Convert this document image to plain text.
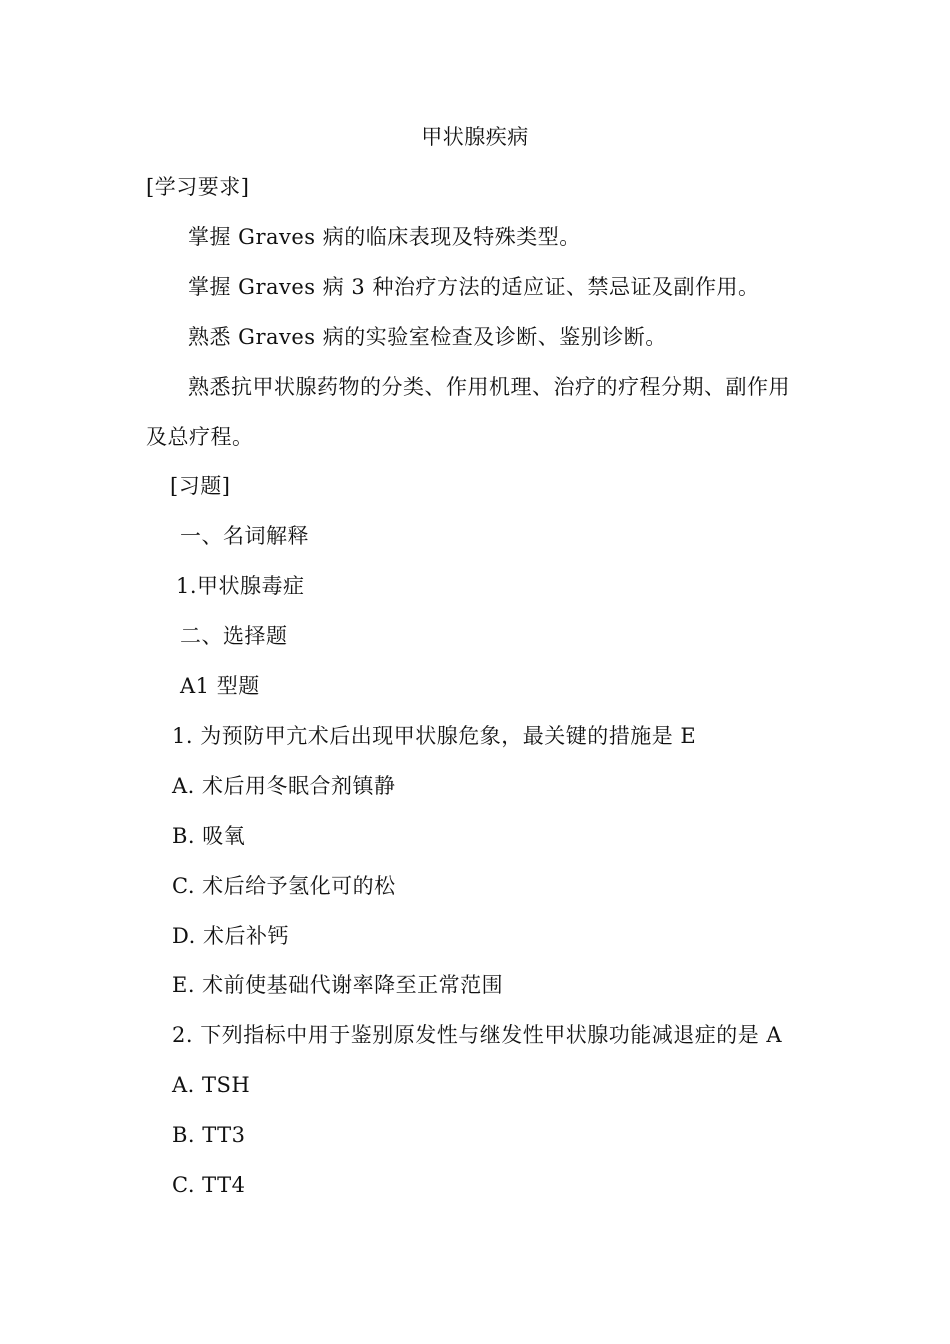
甲状腺疾病
[学习要求]
掌握 Graves 病的临床表现及特殊类型。
掌握 Graves 病 3 种治疗方法的适应证、禁忌证及副作用。
熟悉 Graves 病的实验室检查及诊断、鉴别诊断。
熟悉抗甲状腺药物的分类、作用机理、治疗的疗程分期、副作用
及总疗程。
[习题]
一、名词解释
1.甲状腺毒症
二、选择题
A1 型题
1. 为预防甲亢术后出现甲状腺危象，最关键的措施是 E
A. 术后用冬眠合剂镇静
B. 吸氧
C. 术后给予氢化可的松
D. 术后补钙
E. 术前使基础代谢率降至正常范围
2. 下列指标中用于鉴别原发性与继发性甲状腺功能减退症的是 A
A. TSH
B. TT3
C. TT4
